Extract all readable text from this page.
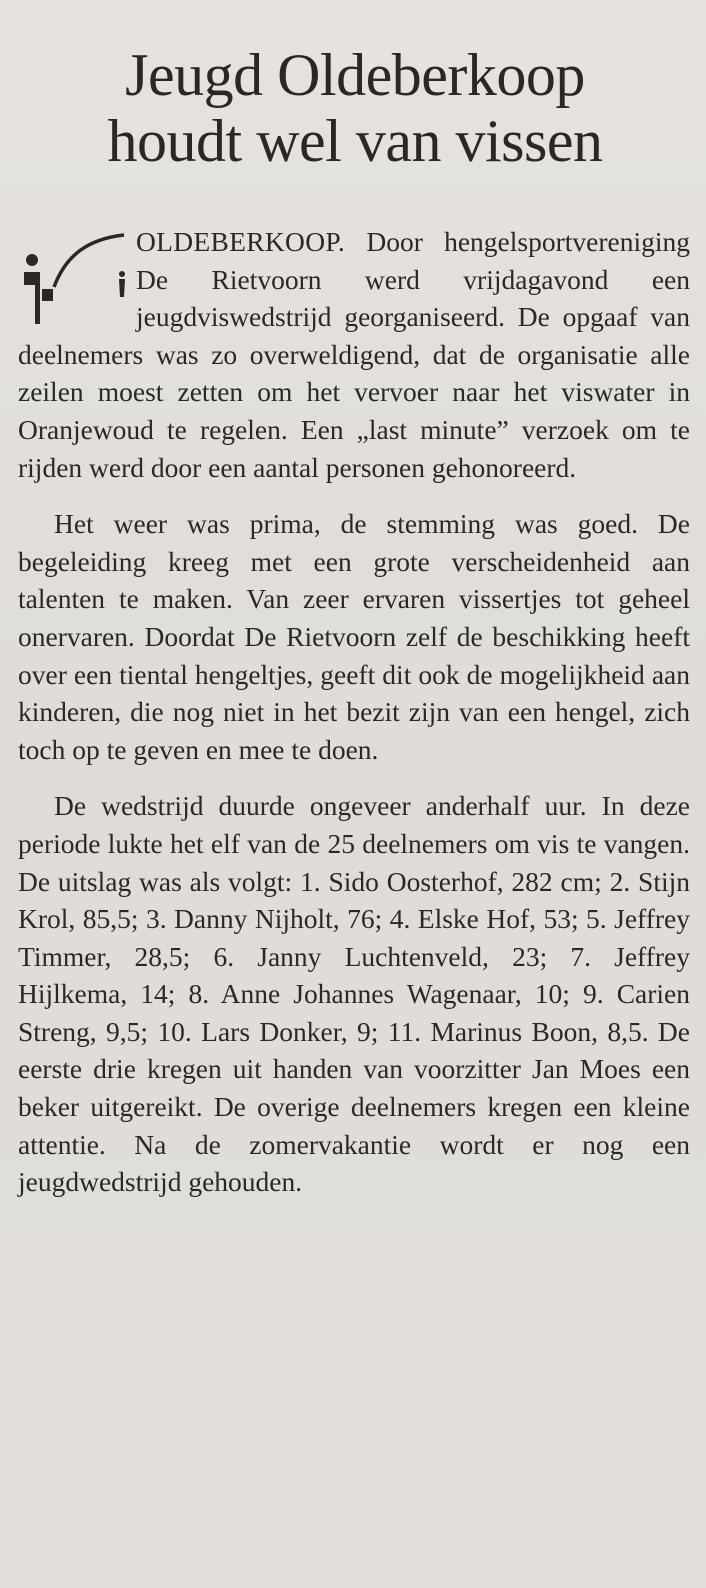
Jeugd Oldeberkoop
houdt wel van vissen

OLDEBERKOOP. Door hengelsportvereniging De Rietvoorn werd vrijdagavond een jeugdviswedstrijd georganiseerd. De opgaaf van deelnemers was zo overweldigend, dat de organisatie alle zeilen moest zetten om het vervoer naar het viswater in Oranjewoud te regelen. Een „last minute” verzoek om te rijden werd door een aantal personen gehonoreerd.

Het weer was prima, de stemming was goed. De begeleiding kreeg met een grote verscheidenheid aan talenten te maken. Van zeer ervaren vissertjes tot geheel onervaren. Doordat De Rietvoorn zelf de beschikking heeft over een tiental hengeltjes, geeft dit ook de mogelijkheid aan kinderen, die nog niet in het bezit zijn van een hengel, zich toch op te geven en mee te doen.

De wedstrijd duurde ongeveer anderhalf uur. In deze periode lukte het elf van de 25 deelnemers om vis te vangen. De uitslag was als volgt: 1. Sido Oosterhof, 282 cm; 2. Stijn Krol, 85,5; 3. Danny Nijholt, 76; 4. Elske Hof, 53; 5. Jeffrey Timmer, 28,5; 6. Janny Luchtenveld, 23; 7. Jeffrey Hijlkema, 14; 8. Anne Johannes Wagenaar, 10; 9. Carien Streng, 9,5; 10. Lars Donker, 9; 11. Marinus Boon, 8,5. De eerste drie kregen uit handen van voorzitter Jan Moes een beker uitgereikt. De overige deelnemers kregen een kleine attentie. Na de zomervakantie wordt er nog een jeugdwedstrijd gehouden.
